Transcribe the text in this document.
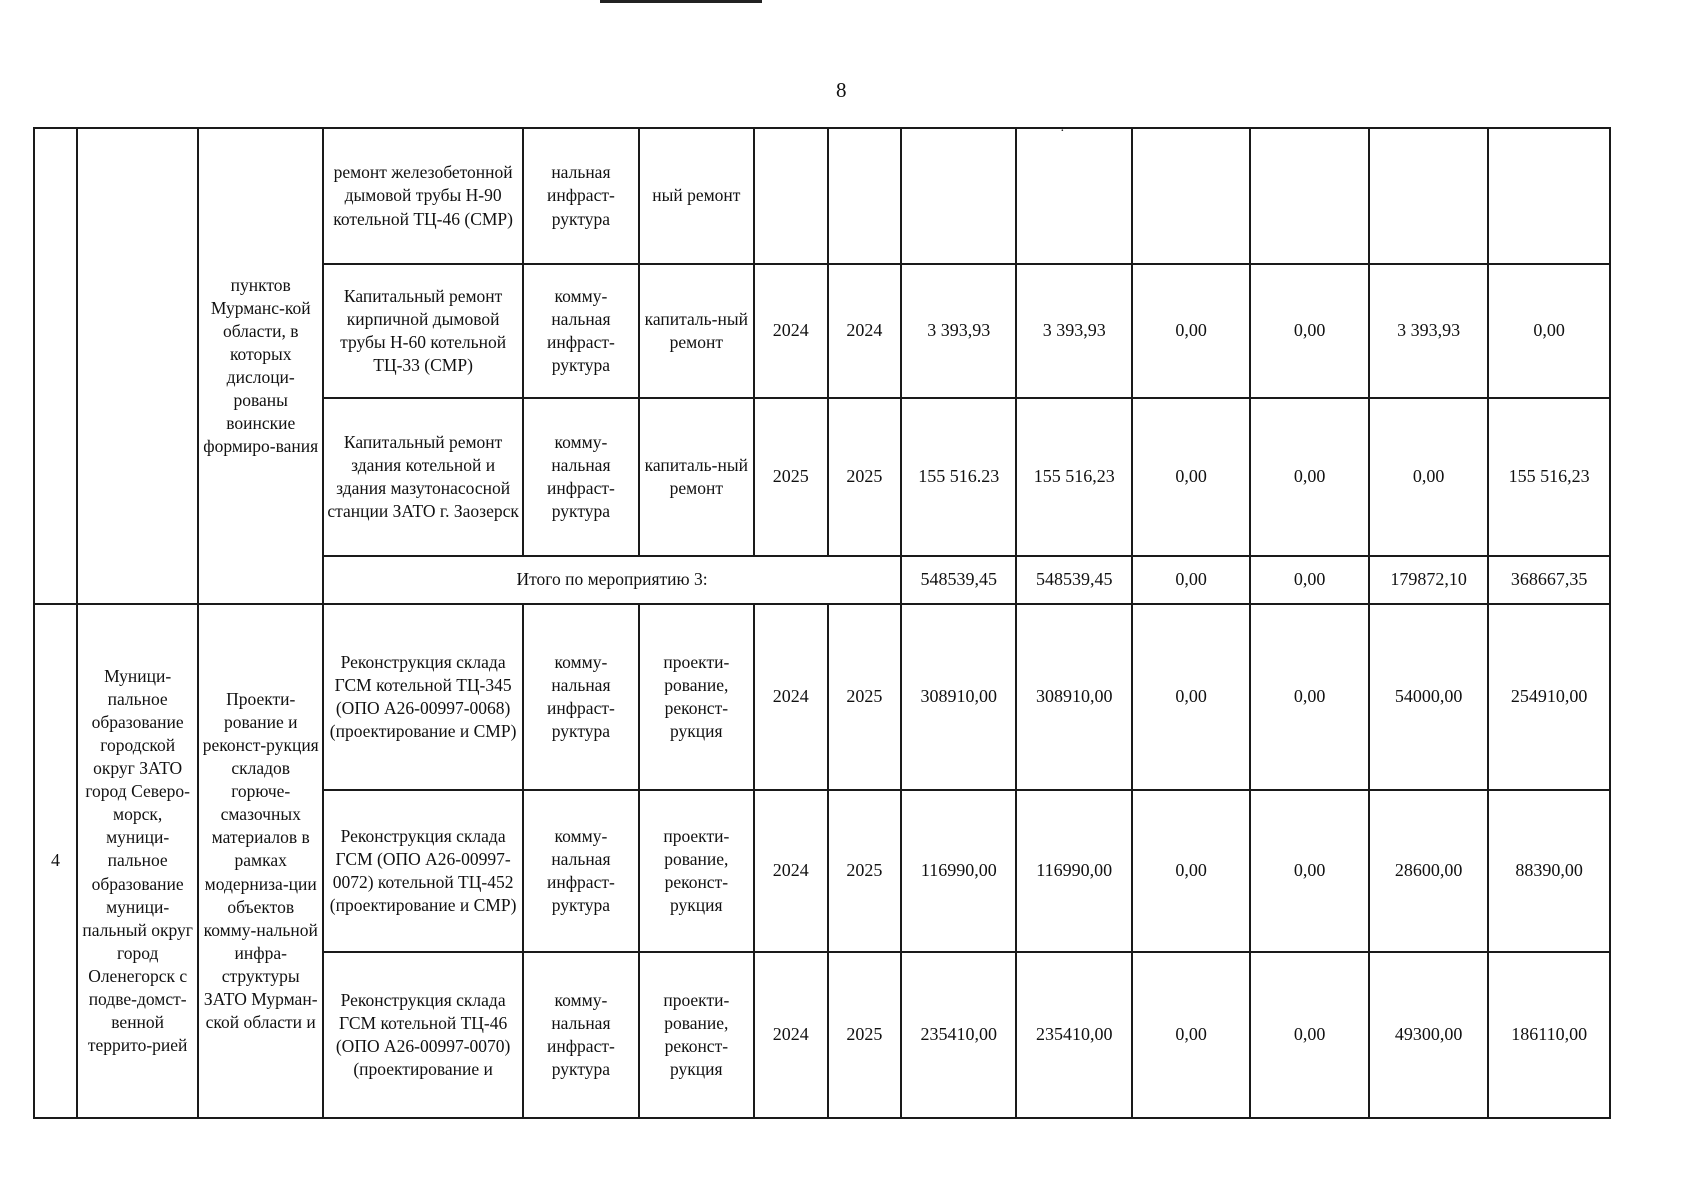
8
·
		пунктов Мурманс-кой области, в которых дислоци-рованы воинские формиро-вания	ремонт железобетонной дымовой трубы Н-90 котельной ТЦ-46 (СМР)	нальная инфраст-руктура	ный ремонт								
			Капитальный ремонт кирпичной дымовой трубы Н-60 котельной ТЦ-33 (СМР)	комму-нальная инфраст-руктура	капиталь-ный ремонт	2024	2024	3 393,93	3 393,93	0,00	0,00	3 393,93	0,00
			Капитальный ремонт здания котельной и здания мазутонасосной станции ЗАТО г. Заозерск	комму-нальная инфраст-руктура	капиталь-ный ремонт	2025	2025	155 516.23	155 516,23	0,00	0,00	0,00	155 516,23
			Итого по мероприятию 3:					548539,45	548539,45	0,00	0,00	179872,10	368667,35
4	Муници-пальное образование городской округ ЗАТО город Северо-морск, муници-пальное образование муници-пальный округ город Оленегорск с подве-домст-венной террито-рией	Проекти-рование и реконст-рукция складов горюче-смазочных материалов в рамках модерниза-ции объектов комму-нальной инфра-структуры ЗАТО Мурман-ской области и	Реконструкция склада ГСМ котельной ТЦ-345 (ОПО А26-00997-0068) (проектирование и СМР)	комму-нальная инфраст-руктура	проекти-рование, реконст-рукция	2024	2025	308910,00	308910,00	0,00	0,00	54000,00	254910,00
			Реконструкция склада ГСМ (ОПО А26-00997-0072) котельной ТЦ-452 (проектирование и СМР)	комму-нальная инфраст-руктура	проекти-рование, реконст-рукция	2024	2025	116990,00	116990,00	0,00	0,00	28600,00	88390,00
			Реконструкция склада ГСМ котельной ТЦ-46 (ОПО А26-00997-0070) (проектирование и	комму-нальная инфраст-руктура	проекти-рование, реконст-рукция	2024	2025	235410,00	235410,00	0,00	0,00	49300,00	186110,00
